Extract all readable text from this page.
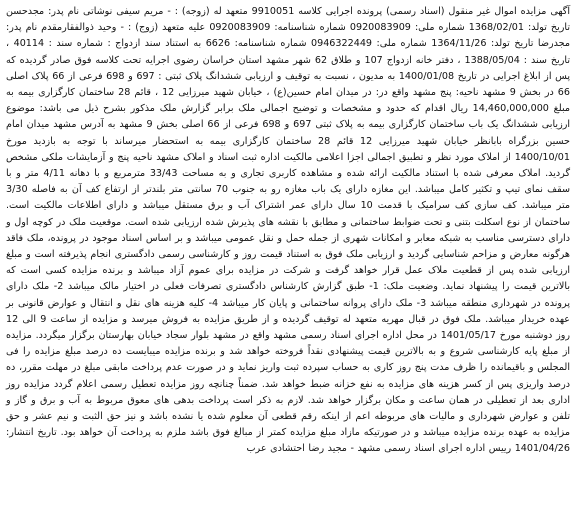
آگهی مزایده اموال غیر منقول (اسناد رسمی) پرونده اجرایی کلاسه 9910051 متعهد له (زوجه) : - مریم سیفی نوشاتی نام پدر: مجدحسن تاریخ تولد: 1368/02/01 شماره ملی: 0920083909 شماره شناسنامه: 0920083909 علیه متعهد (زوج) : - وحید ذوالفقارمقدم نام پدر: مجدرضا تاریخ تولد: 1364/11/26 شماره ملی: 0946322449 شماره شناسنامه: 6626 به استناد سند ازدواج : شماره سند : 40114 ، تاریخ سند : 1388/05/04 ، دفتر خانه ازدواج 107 و طلاق 62 شهر مشهد استان خراسان رضوی اجرایه تحت کلاسه فوق صادر گردیده که پس از ابلاغ اجرایی در تاریخ 1400/01/08 به مدیون ، نسبت به توقیف و ارزیابی ششدانگ پلاک ثبتی : 697 و 698 فرعی از 66 پلاک اصلی 66 در بخش 9 مشهد ناحیه: پنج مشهد واقع در: در میدان امام حسین(ع) ، خیابان شهید میرزایی 12 ، قائم 28 ساختمان کارگزاری بیمه به مبلغ 14,460,000,000 ریال اقدام که حدود و مشخصات و توضیح اجمالی ملک برابر گزارش ملک مذکور بشرح ذیل می باشد: موضوع ارزیابی ششدانگ یک باب ساختمان کارگزاری بیمه به پلاک ثبتی 697 و 698 فرعی از 66 اصلی بخش 9 مشهد به آدرس مشهد میدان امام حسین بزرگراه بابانظر خیابان شهید میرزایی 12 قائم 28 ساختمان کارگزاری بیمه به استحضار میرساند با توجه به بازدید مورخ 1400/10/01 از املاک مورد نظر و تطبیق اجمالی اجزا اعلامی مالکیت اداره ثبت اسناد و املاک مشهد ناحیه پنج و آزمایشات ملکی مشخص گردید. املاک معرفی شده با استناد مالکیت ارائه شده و مشاهده کاربری تجاری و به مساحت 33/43 مترمربع و با دهانه 4/11 متر و با سقف نمای تیپ و تکثیر کامل میباشد. این مغازه دارای یک باب مغازه رو به جنوب 70 سانتی متر بلندتر از ارتفاع کف آن به فاصله 3/30 متر میباشد. کف سازی کف سرامیک با قدمت 10 سال دارای عمر اشتراک آب و برق مستقل میباشد و دارای اطلاعات مالکیت است. ساختمان از نوع اسکلت بتنی و تحت ضوابط ساختمانی و مطابق با نقشه های پذیرش شده ارزیابی شده است. موقعیت ملک در کوچه اول و دارای دسترسی مناسب به شبکه معابر و امکانات شهری از جمله حمل و نقل عمومی میباشد و بر اساس اسناد موجود در پرونده، ملک فاقد هرگونه معارض و مزاحم شناسایی گردید و ارزیابی ملک فوق به استناد قیمت روز و کارشناسی رسمی دادگستری انجام پذیرفته است و مبلغ ارزیابی شده پس از قطعیت ملاک عمل قرار خواهد گرفت و شرکت در مزایده برای عموم آزاد میباشد و برنده مزایده کسی است که بالاترین قیمت را پیشنهاد نماید. وضعیت ملک: 1- طبق گزارش کارشناس دادگستری تصرفات فعلی در اختیار مالک میباشد 2- ملک دارای پرونده در شهرداری منطقه میباشد 3- ملک دارای پروانه ساختمانی و پایان کار میباشد 4- کلیه هزینه های نقل و انتقال و عوارض قانونی بر عهده خریدار میباشد. ملک فوق در قبال مهریه متعهد له توقیف گردیده و از طریق مزایده به فروش میرسد و مزایده از ساعت 9 الی 12 روز دوشنبه مورخ 1401/05/17 در محل اداره اجرای اسناد رسمی مشهد واقع در مشهد بلوار سجاد خیابان بهارستان برگزار میگردد. مزایده از مبلغ پایه کارشناسی شروع و به بالاترین قیمت پیشنهادی نقداً فروخته خواهد شد و برنده مزایده میبایست ده درصد مبلغ مزایده را فی المجلس و باقیمانده را ظرف مدت پنج روز کاری به حساب سپرده ثبت واریز نماید و در صورت عدم پرداخت مابقی مبلغ در مهلت مقرر، ده درصد واریزی پس از کسر هزینه های مزایده به نفع خزانه ضبط خواهد شد. ضمناً چنانچه روز مزایده تعطیل رسمی اعلام گردد مزایده روز اداری بعد از تعطیلی در همان ساعت و مکان برگزار خواهد شد. لازم به ذکر است پرداخت بدهی های معوق مربوط به آب و برق و گاز و تلفن و عوارض شهرداری و مالیات های مربوطه اعم از اینکه رقم قطعی آن معلوم شده یا نشده باشد و نیز حق الثبت و نیم عشر و حق مزایده به عهده برنده مزایده میباشد و در صورتیکه مازاد مبلغ مزایده کمتر از مبالغ فوق باشد ملزم به پرداخت آن خواهد بود. تاریخ انتشار: 1401/04/26 رییس اداره اجرای اسناد رسمی مشهد - مجید رضا احتشادی عرب
